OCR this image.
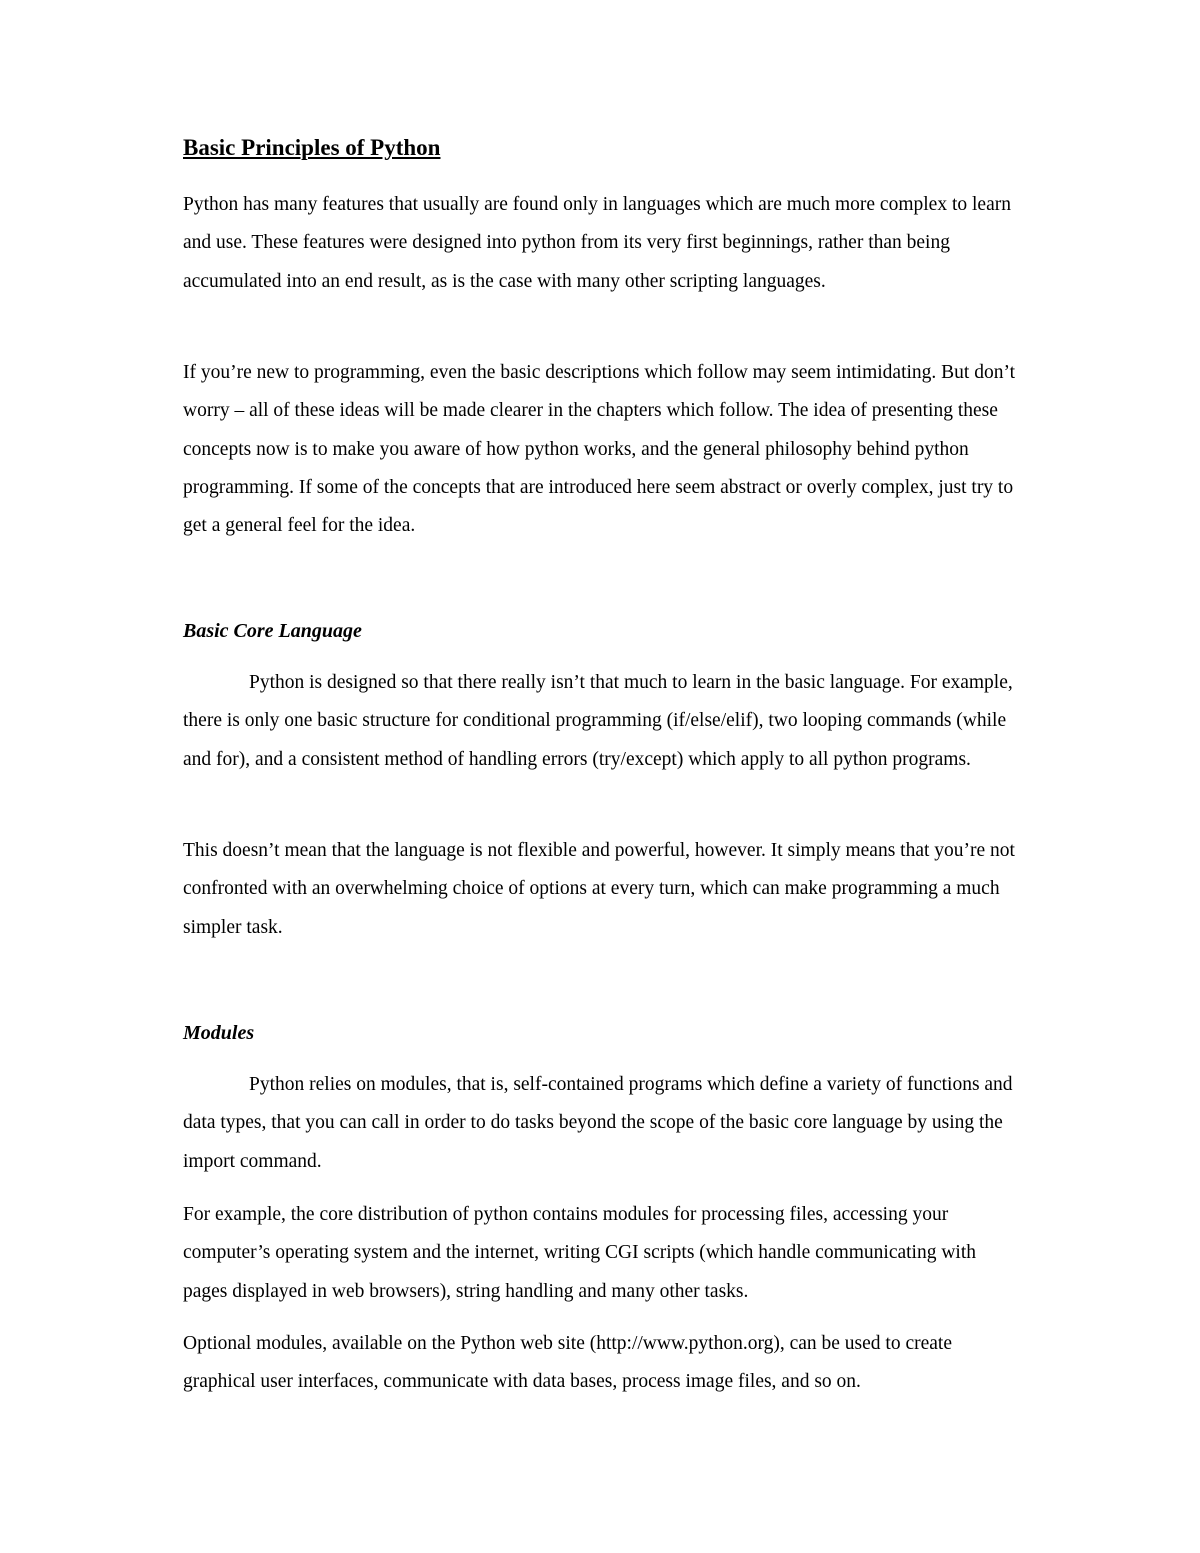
Basic Principles of Python

Python has many features that usually are found only in languages which are much more complex to learn and use. These features were designed into python from its very first beginnings, rather than being accumulated into an end result, as is the case with many other scripting languages.

If you’re new to programming, even the basic descriptions which follow may seem intimidating. But don’t worry – all of these ideas will be made clearer in the chapters which follow. The idea of presenting these concepts now is to make you aware of how python works, and the general philosophy behind python programming. If some of the concepts that are introduced here seem abstract or overly complex, just try to get a general feel for the idea.

Basic Core Language

Python is designed so that there really isn’t that much to learn in the basic language. For example, there is only one basic structure for conditional programming (if/else/elif), two looping commands (while and for), and a consistent method of handling errors (try/except) which apply to all python programs.

This doesn’t mean that the language is not flexible and powerful, however. It simply means that you’re not confronted with an overwhelming choice of options at every turn, which can make programming a much simpler task.

Modules

Python relies on modules, that is, self-contained programs which define a variety of functions and data types, that you can call in order to do tasks beyond the scope of the basic core language by using the import command.

For example, the core distribution of python contains modules for processing files, accessing your computer’s operating system and the internet, writing CGI scripts (which handle communicating with pages displayed in web browsers), string handling and many other tasks.

Optional modules, available on the Python web site (http://www.python.org), can be used to create graphical user interfaces, communicate with data bases, process image files, and so on.
